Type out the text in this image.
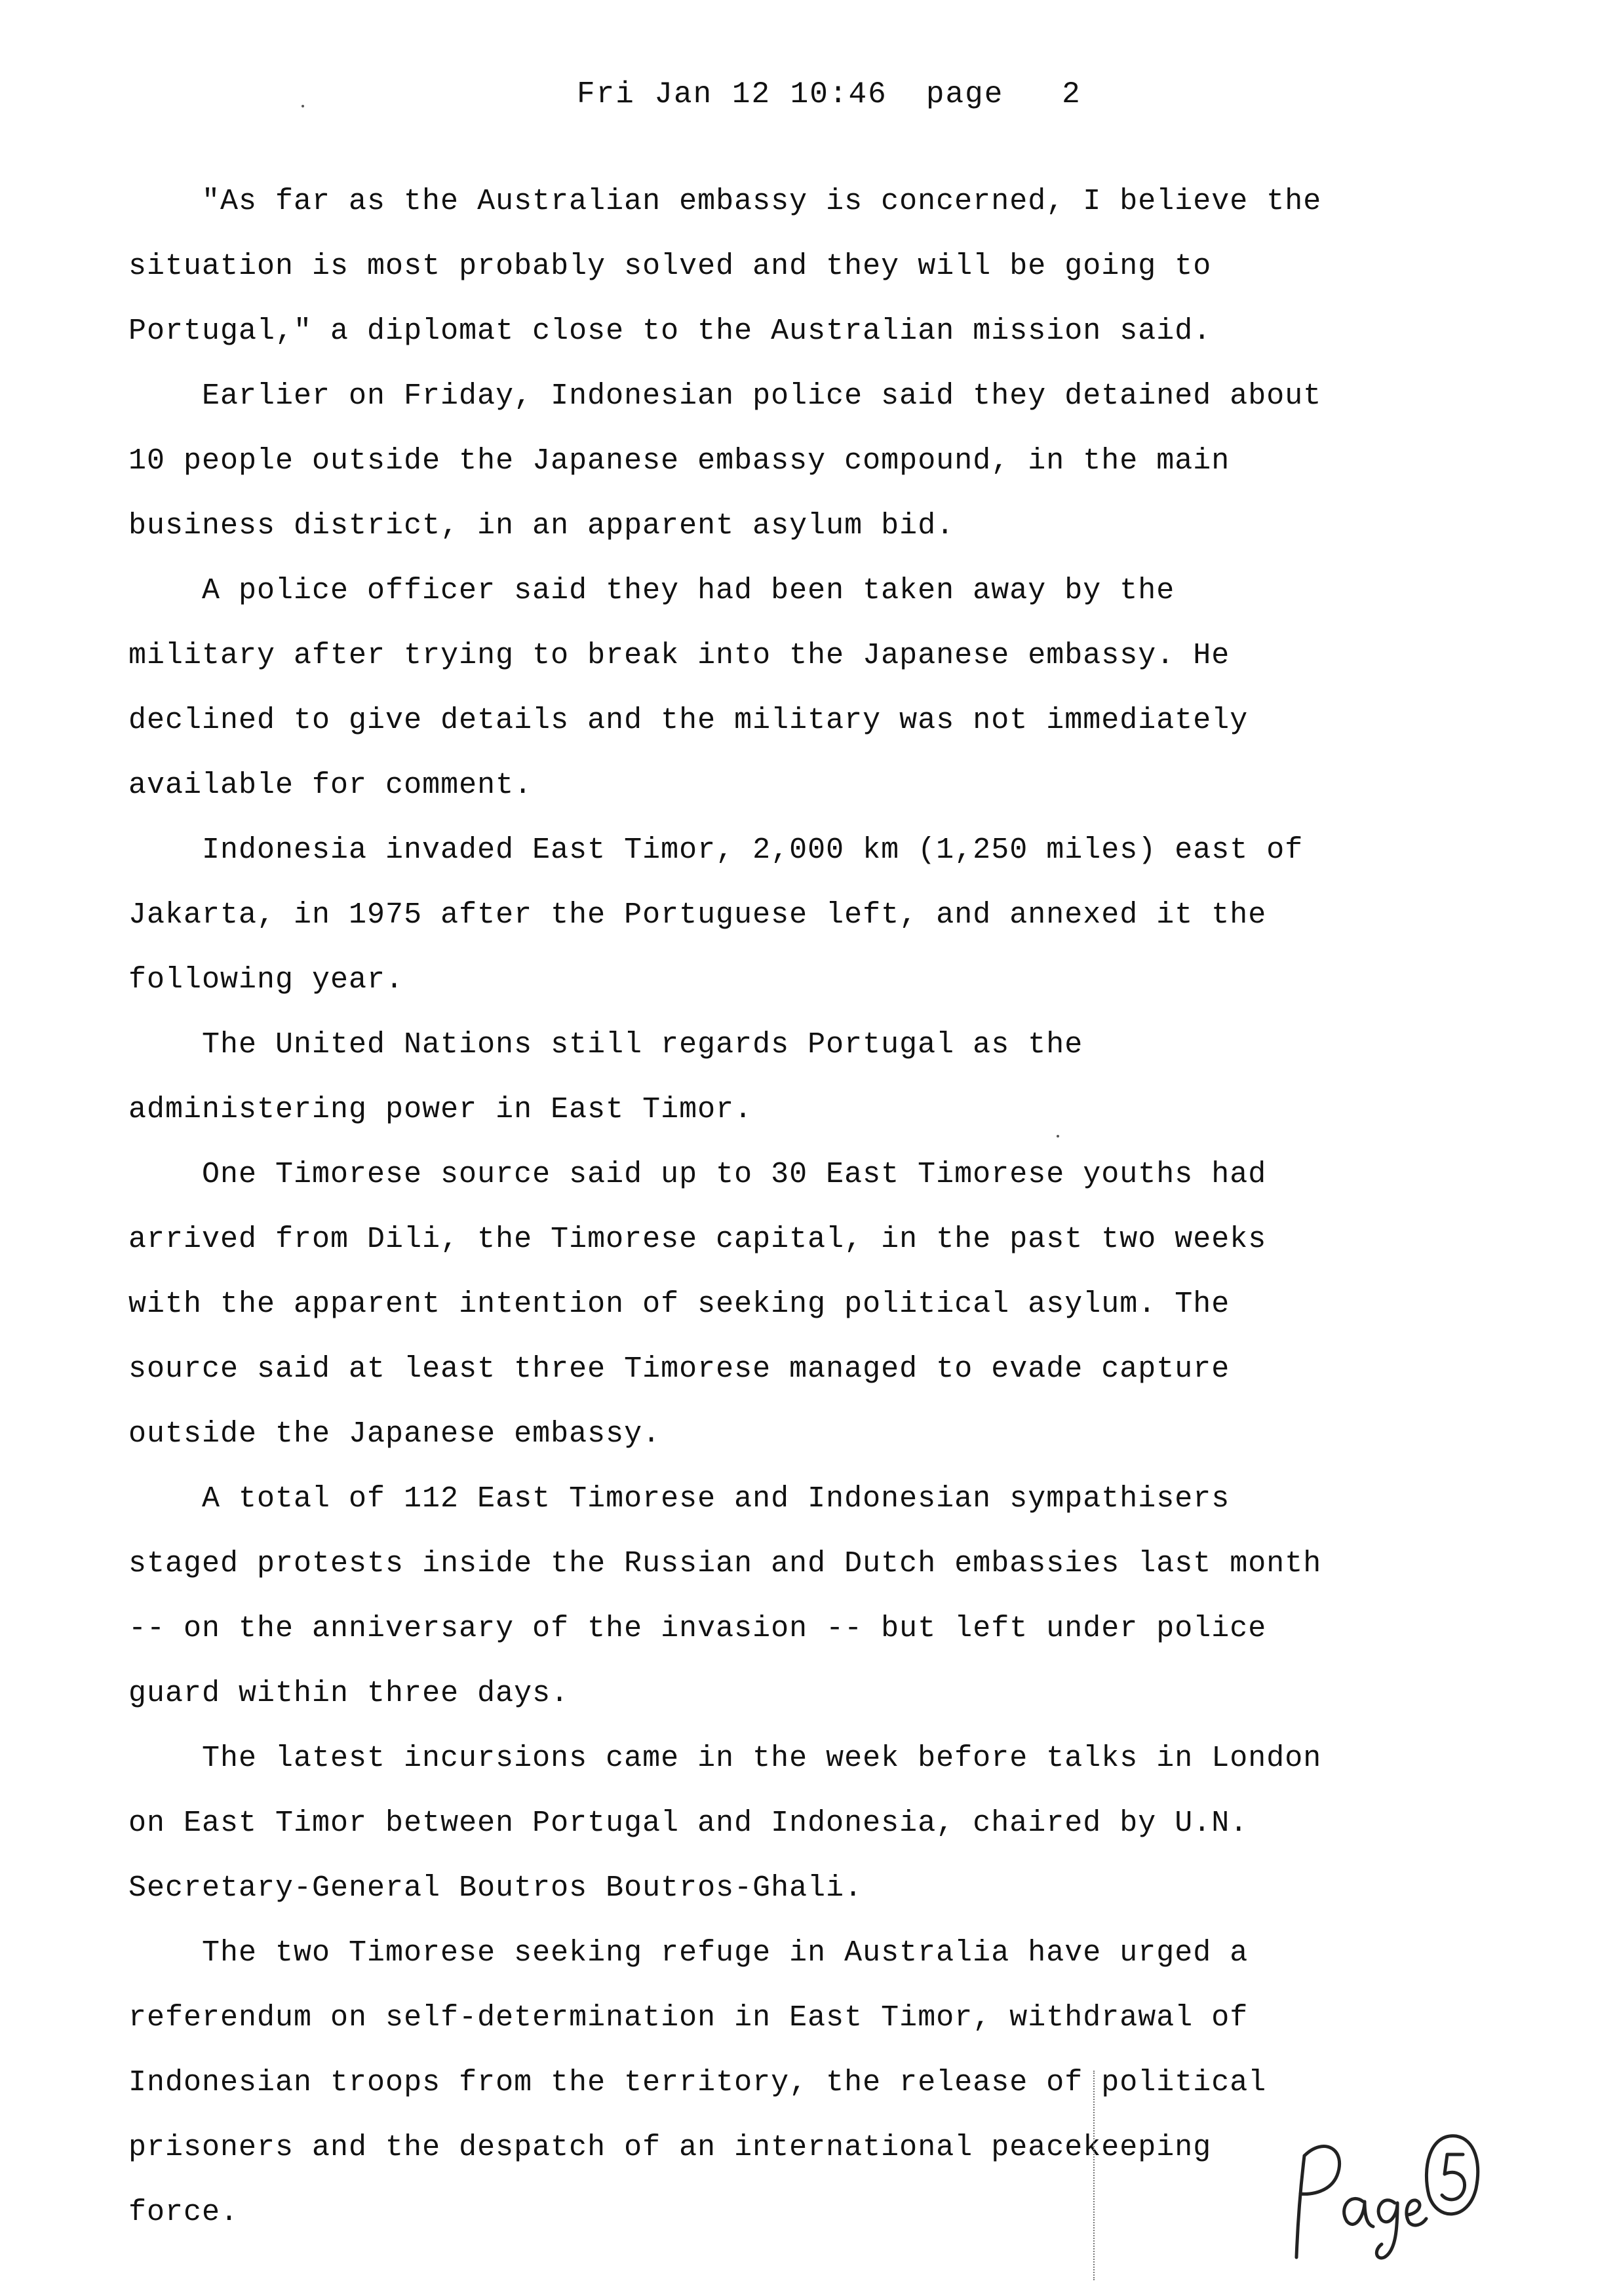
Fri Jan 12 10:46  page   2

"As far as the Australian embassy is concerned, I believe the situation is most probably solved and they will be going to Portugal," a diplomat close to the Australian mission said.

Earlier on Friday, Indonesian police said they detained about 10 people outside the Japanese embassy compound, in the main business district, in an apparent asylum bid.

A police officer said they had been taken away by the military after trying to break into the Japanese embassy. He declined to give details and the military was not immediately available for comment.

Indonesia invaded East Timor, 2,000 km (1,250 miles) east of Jakarta, in 1975 after the Portuguese left, and annexed it the following year.

The United Nations still regards Portugal as the administering power in East Timor.

One Timorese source said up to 30 East Timorese youths had arrived from Dili, the Timorese capital, in the past two weeks with the apparent intention of seeking political asylum. The source said at least three Timorese managed to evade capture outside the Japanese embassy.

A total of 112 East Timorese and Indonesian sympathisers staged protests inside the Russian and Dutch embassies last month -- on the anniversary of the invasion -- but left under police guard within three days.

The latest incursions came in the week before talks in London on East Timor between Portugal and Indonesia, chaired by U.N. Secretary-General Boutros Boutros-Ghali.

The two Timorese seeking refuge in Australia have urged a referendum on self-determination in East Timor, withdrawal of Indonesian troops from the territory, the release of political prisoners and the despatch of an international peacekeeping force.
